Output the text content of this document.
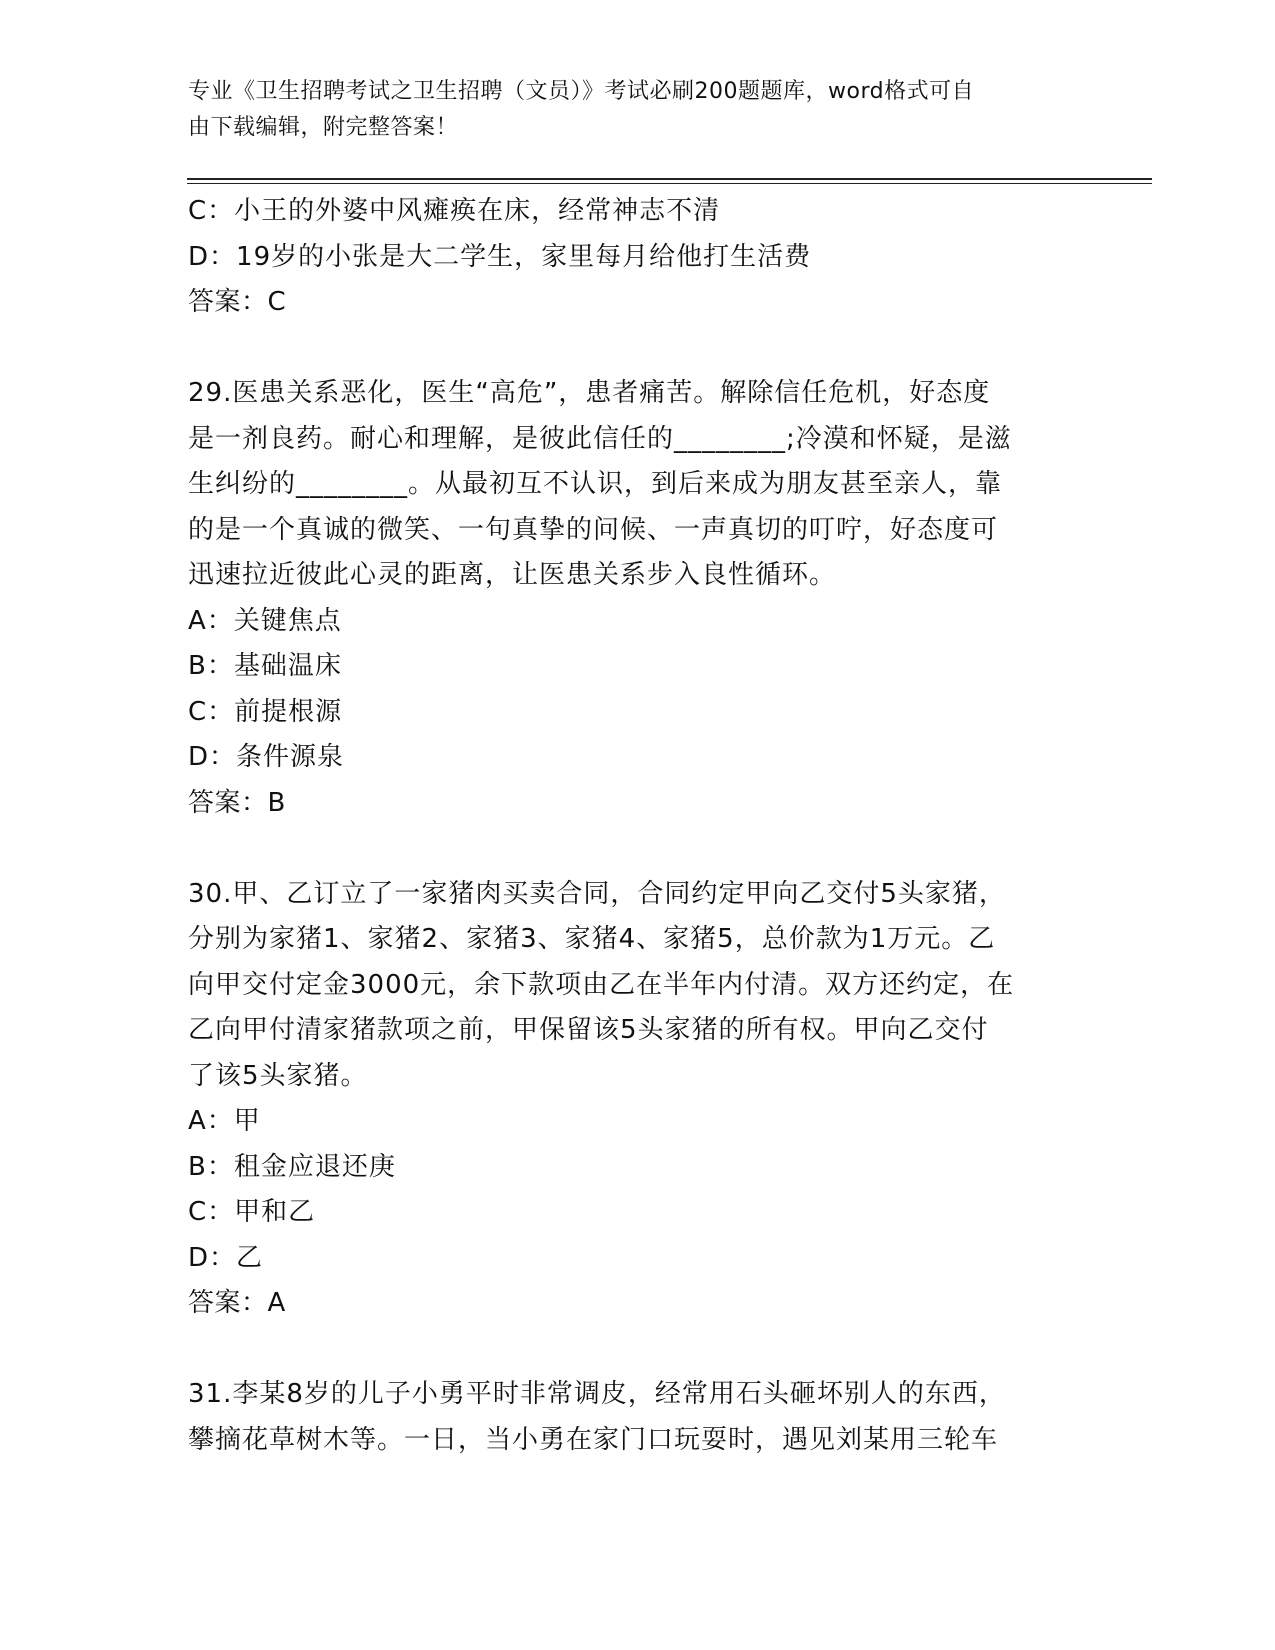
专业《卫生招聘考试之卫生招聘（文员）》考试必刷200题题库，word格式可自
由下载编辑，附完整答案！
C：小王的外婆中风瘫痪在床，经常神志不清
D：19岁的小张是大二学生，家里每月给他打生活费
答案：C
29.医患关系恶化，医生“高危”，患者痛苦。解除信任危机，好态度
是一剂良药。耐心和理解，是彼此信任的________;冷漠和怀疑，是滋
生纠纷的________。从最初互不认识，到后来成为朋友甚至亲人，靠
的是一个真诚的微笑、一句真挚的问候、一声真切的叮咛，好态度可
迅速拉近彼此心灵的距离，让医患关系步入良性循环。
A：关键焦点
B：基础温床
C：前提根源
D：条件源泉
答案：B
30.甲、乙订立了一家猪肉买卖合同，合同约定甲向乙交付5头家猪，
分别为家猪1、家猪2、家猪3、家猪4、家猪5，总价款为1万元。乙
向甲交付定金3000元，余下款项由乙在半年内付清。双方还约定，在
乙向甲付清家猪款项之前，甲保留该5头家猪的所有权。甲向乙交付
了该5头家猪。
A：甲
B：租金应退还庚
C：甲和乙
D：乙
答案：A
31.李某8岁的儿子小勇平时非常调皮，经常用石头砸坏别人的东西，
攀摘花草树木等。一日，当小勇在家门口玩耍时，遇见刘某用三轮车
